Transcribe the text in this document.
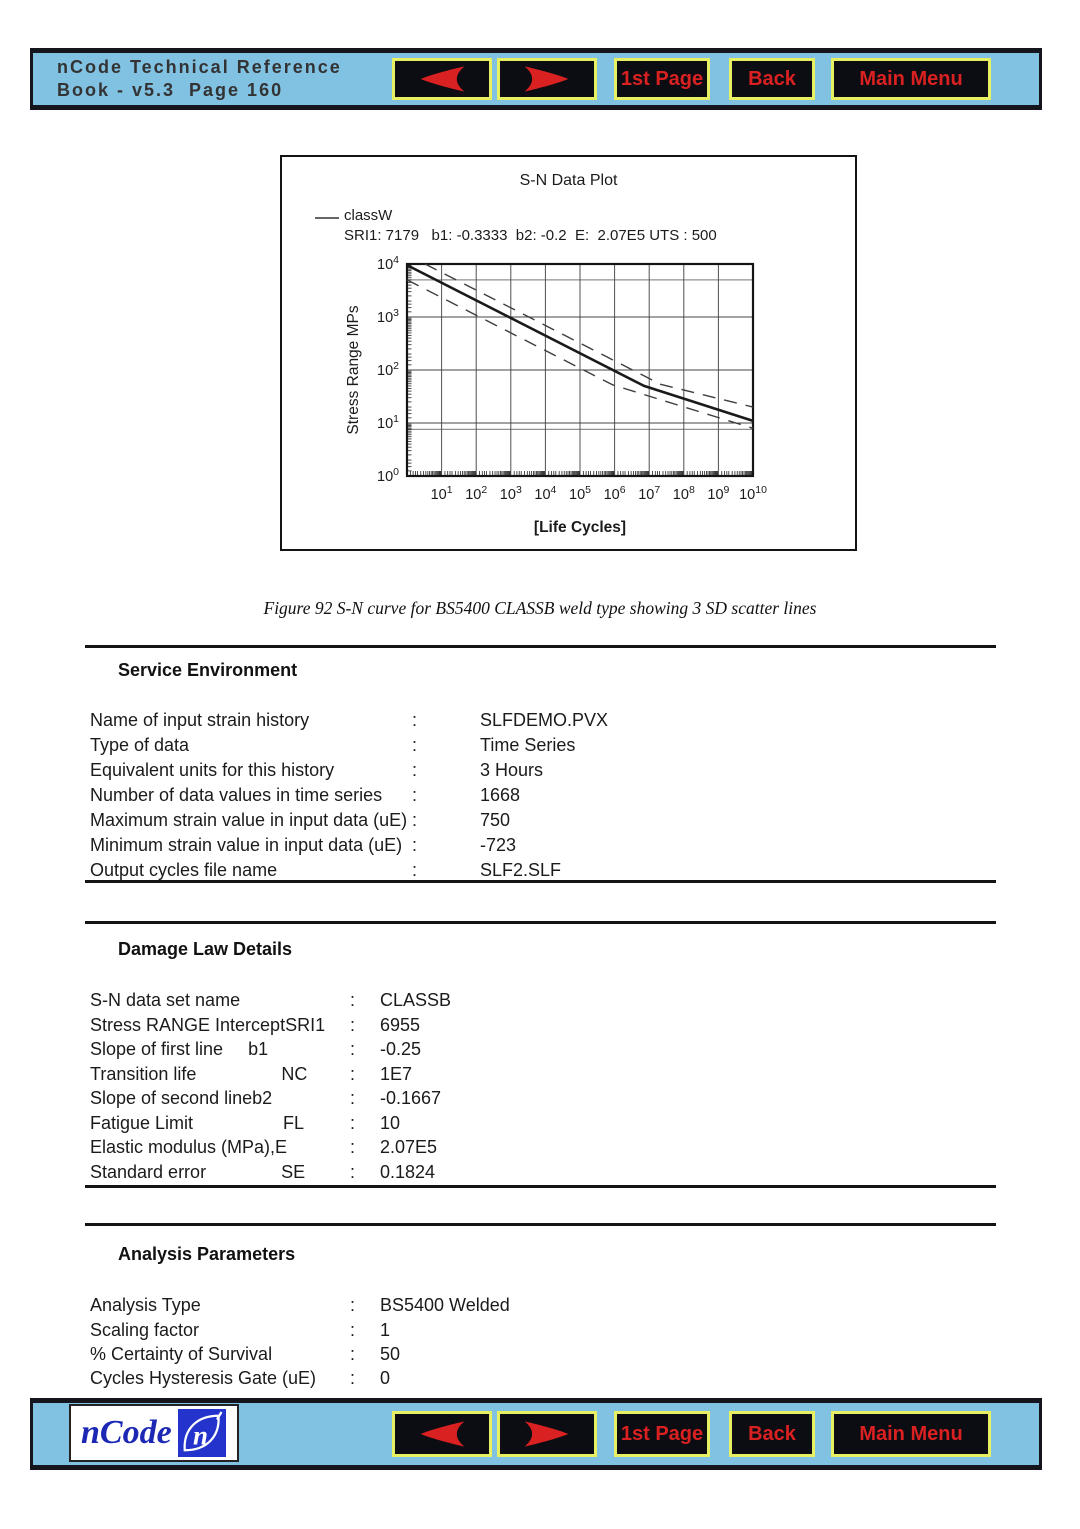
nCode Technical Reference
Book - v5.3  Page 160
1st Page	Back	Main Menu
S-N Data Plot
classW
SRI1: 7179   b1: -0.3333  b2: -0.2  E:  2.07E5 UTS : 500
Stress Range MPs
[Life Cycles]
$10^1$ $10^2$ $10^3$ $10^4$ $10^5$ $10^6$ $10^7$ $10^8$ $10^9$ $10^{10}$
$10^0$
$10^1$
$10^2$
$10^3$
$10^4$
Figure 92 S-N curve for BS5400 CLASSB weld type showing 3 SD scatter lines
Service Environment
Name of input strain history	:	SLFDEMO.PVX
Type of data	:	Time Series
Equivalent units for this history	:	3 Hours
Number of data values in time series :	1668
Maximum strain value in input data (uE) :	750
Minimum strain value in input data (uE) :	-723
Output cycles file name	:	SLF2.SLF
Damage Law Details
S-N data set name	: CLASSB
Stress RANGE InterceptSRI1 : 6955
Slope of first line     b1	: -0.25
Transition life                 NC : 1E7
Slope of second lineb2	: -0.1667
Fatigue Limit                  FL	: 10
Elastic modulus (MPa),E	: 2.07E5
Standard error               SE : 0.1824
Analysis Parameters
Analysis Type	: BS5400 Welded
Scaling factor	: 1
% Certainty of Survival	: 50
Cycles Hysteresis Gate (uE) : 0
nCode n	1st Page	Back	Main Menu
